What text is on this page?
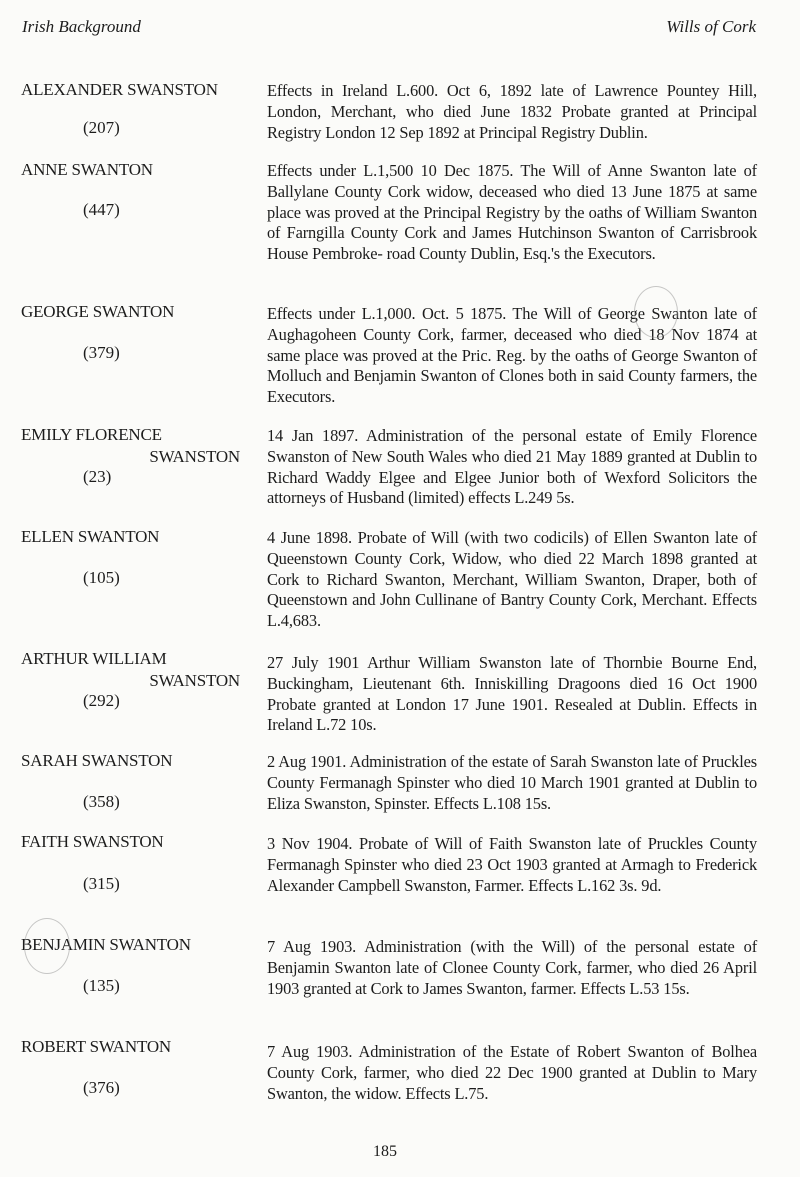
Irish Background	Wills of Cork
ALEXANDER SWANSTON
(207)
Effects in Ireland L.600. Oct 6, 1892 late of Lawrence Pountey Hill, London, Merchant, who died June 1832 Probate granted at Principal Registry London 12 Sep 1892 at Principal Registry Dublin.
ANNE SWANTON
(447)
Effects under L.1,500 10 Dec 1875. The Will of Anne Swanton late of Ballylane County Cork widow, deceased who died 13 June 1875 at same place was proved at the Principal Registry by the oaths of William Swanton of Farngilla County Cork and James Hutchinson Swanton of Carrisbrook House Pembroke- road County Dublin, Esq.'s the Executors.
GEORGE SWANTON
(379)
Effects under L.1,000. Oct. 5 1875. The Will of George Swanton late of Aughagoheen County Cork, farmer, deceased who died 18 Nov 1874 at same place was proved at the Pric. Reg. by the oaths of George Swanton of Molluch and Benjamin Swanton of Clones both in said County farmers, the Executors.
EMILY FLORENCE
SWANSTON
(23)
14 Jan 1897. Administration of the personal estate of Emily Florence Swanston of New South Wales who died 21 May 1889 granted at Dublin to Richard Waddy Elgee and Elgee Junior both of Wexford Solicitors the attorneys of Husband (limited) effects L.249 5s.
ELLEN SWANTON
(105)
4 June 1898. Probate of Will (with two codicils) of Ellen Swanton late of Queenstown County Cork, Widow, who died 22 March 1898 granted at Cork to Richard Swanton, Merchant, William Swanton, Draper, both of Queenstown and John Cullinane of Bantry County Cork, Merchant. Effects L.4,683.
ARTHUR WILLIAM
SWANSTON
(292)
27 July 1901 Arthur William Swanston late of Thornbie Bourne End, Buckingham, Lieutenant 6th. Inniskilling Dragoons died 16 Oct 1900 Probate granted at London 17 June 1901. Resealed at Dublin. Effects in Ireland L.72 10s.
SARAH SWANSTON
(358)
2 Aug 1901. Administration of the estate of Sarah Swanston late of Pruckles County Fermanagh Spinster who died 10 March 1901 granted at Dublin to Eliza Swanston, Spinster. Effects L.108 15s.
FAITH SWANSTON
(315)
3 Nov 1904. Probate of Will of Faith Swanston late of Pruckles County Fermanagh Spinster who died 23 Oct 1903 granted at Armagh to Frederick Alexander Campbell Swanston, Farmer. Effects L.162 3s. 9d.
BENJAMIN SWANTON
(135)
7 Aug 1903. Administration (with the Will) of the personal estate of Benjamin Swanton late of Clonee County Cork, farmer, who died 26 April 1903 granted at Cork to James Swanton, farmer. Effects L.53 15s.
ROBERT SWANTON
(376)
7 Aug 1903. Administration of the Estate of Robert Swanton of Bolhea County Cork, farmer, who died 22 Dec 1900 granted at Dublin to Mary Swanton, the widow. Effects L.75.
185
